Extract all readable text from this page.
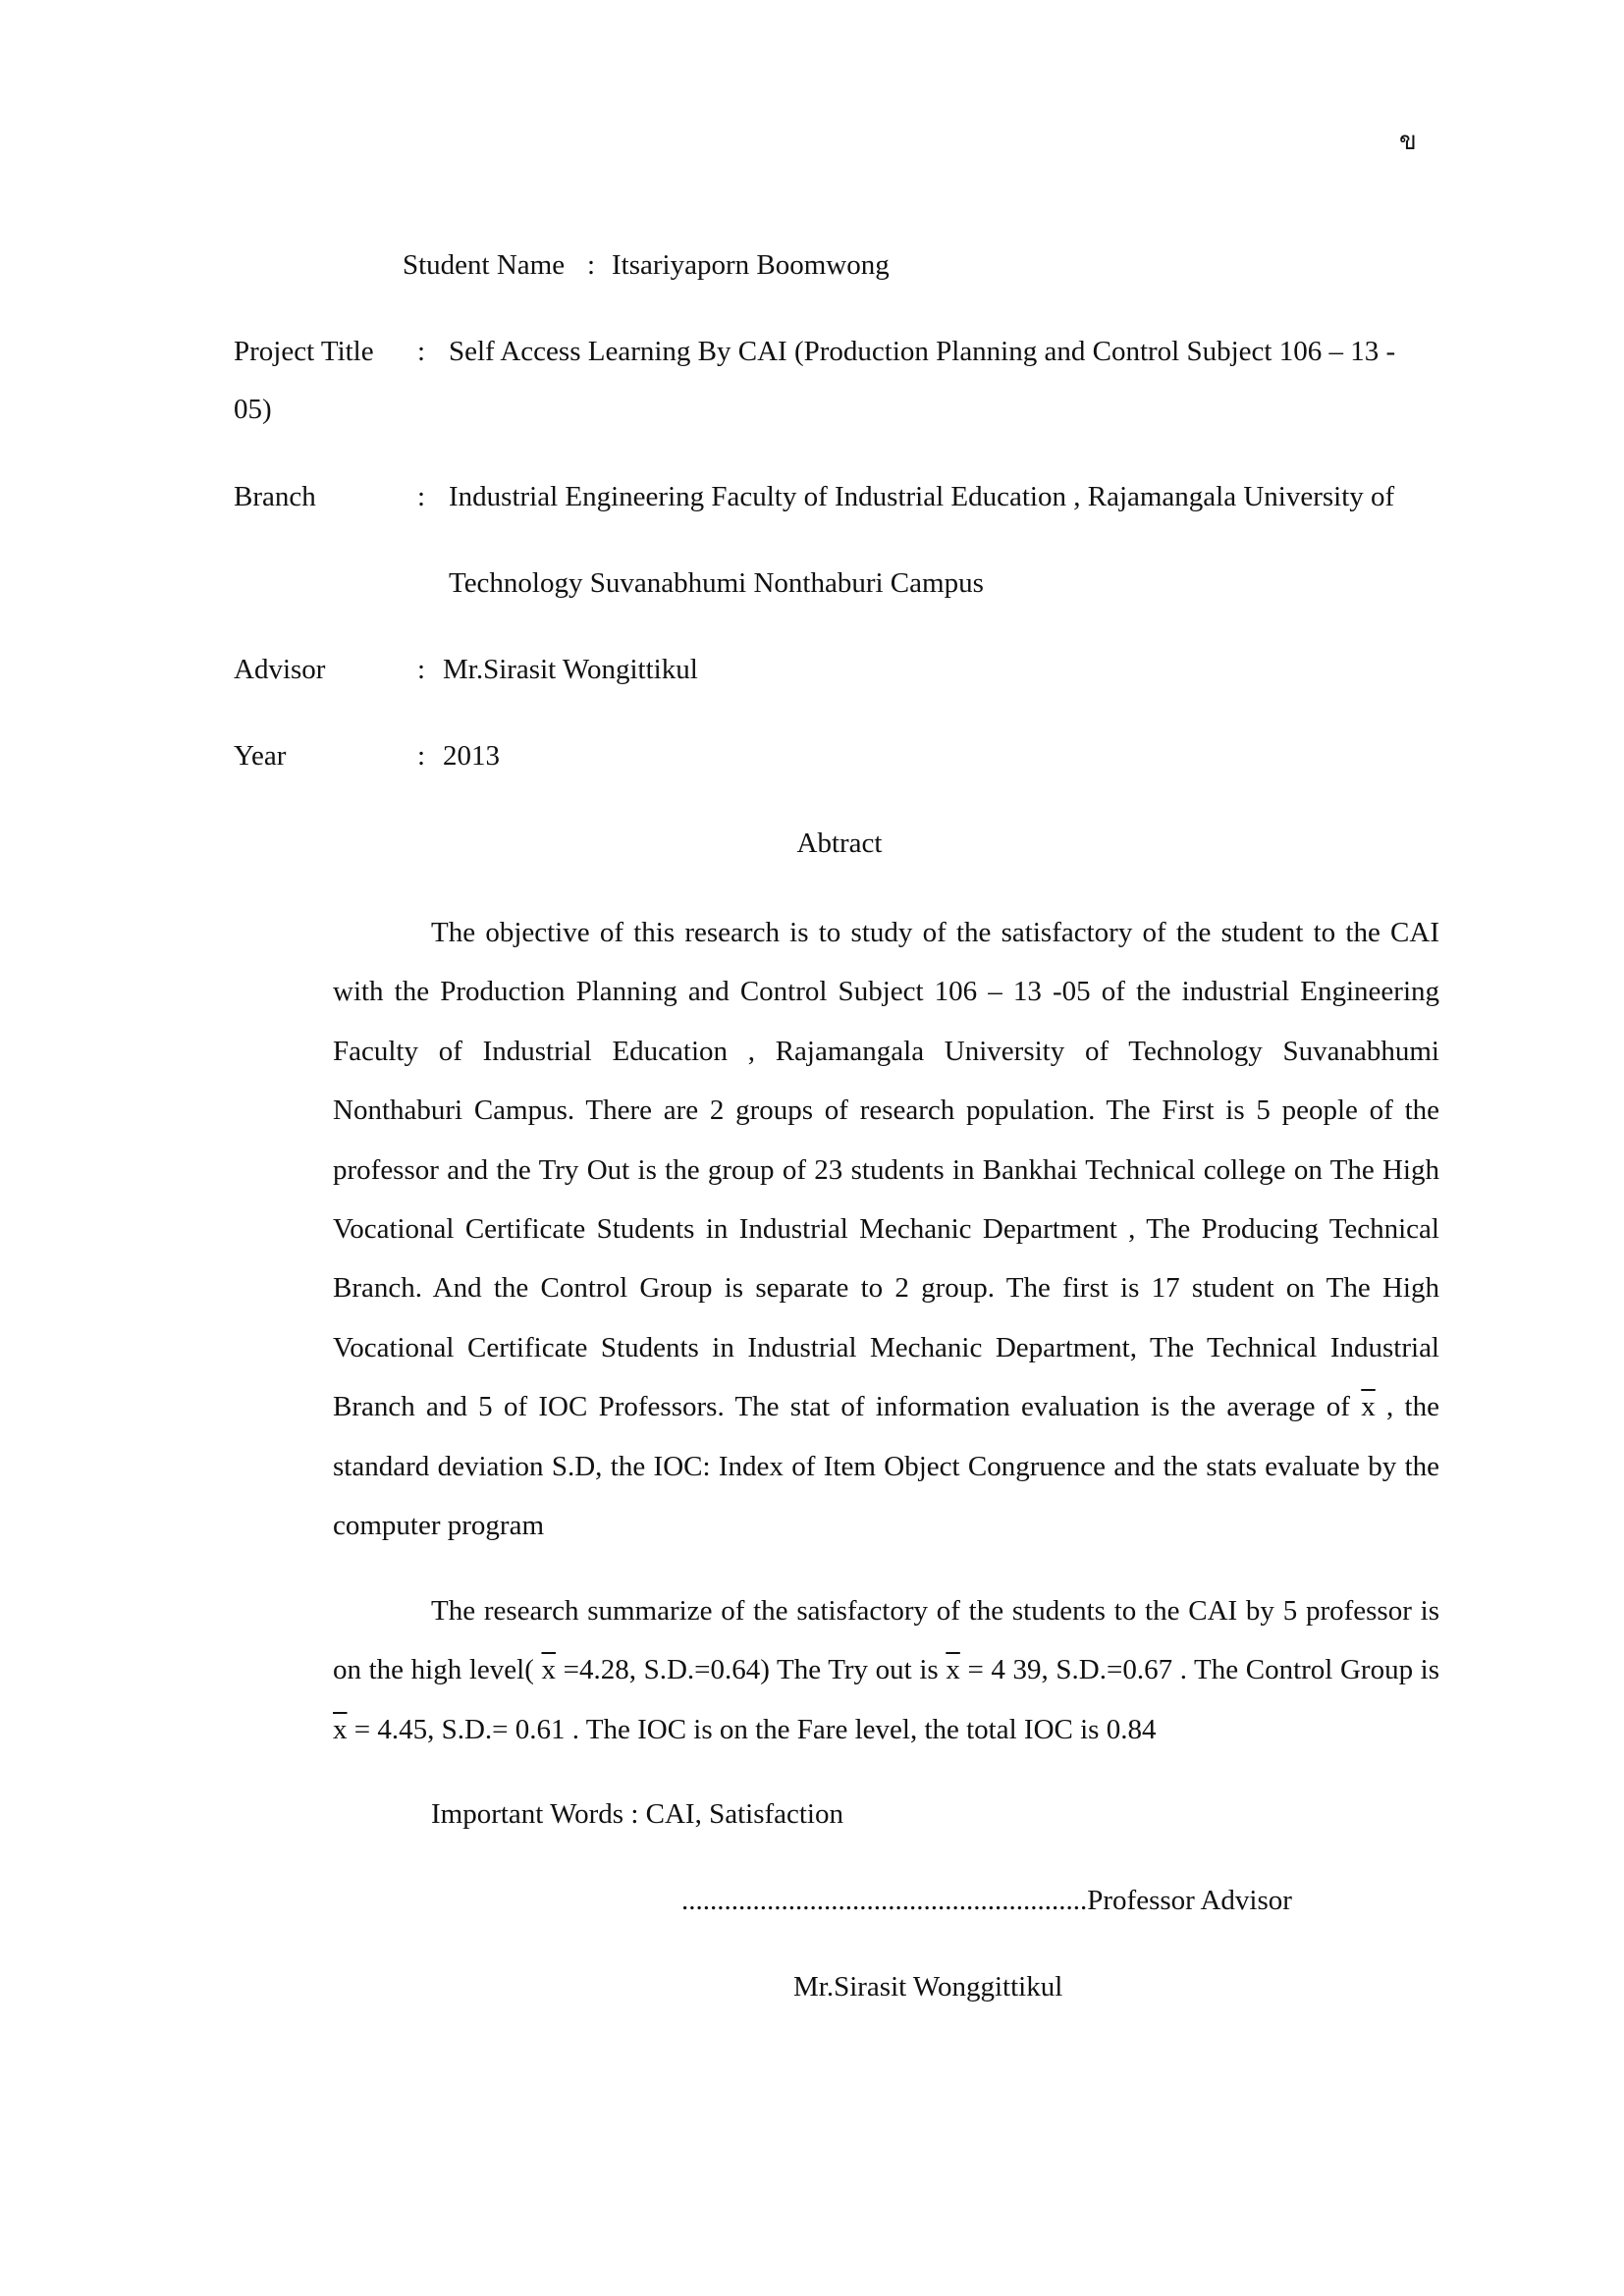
ข
Student Name : Itsariyaporn Boomwong
Project Title : Self Access Learning By CAI (Production Planning and Control Subject 106 – 13 -
05)
Branch	: Industrial Engineering Faculty of Industrial Education , Rajamangala University of
Technology Suvanabhumi Nonthaburi Campus
Advisor	: Mr.Sirasit Wongittikul
Year	: 2013
Abtract

The objective of this research is to study of the satisfactory of the student to the CAI with the Production Planning and Control Subject 106 – 13 -05 of the industrial Engineering Faculty of Industrial Education , Rajamangala University of Technology Suvanabhumi Nonthaburi Campus. There are 2 groups of research population. The First is 5 people of the professor and the Try Out is the group of 23 students in Bankhai Technical college on The High Vocational Certificate Students in Industrial Mechanic Department , The Producing Technical Branch. And the Control Group is separate to 2 group. The first is 17 student on The High Vocational Certificate Students in Industrial Mechanic Department, The Technical Industrial Branch and 5 of IOC Professors. The stat of information evaluation is the average of $\overline{x}$ , the standard deviation S.D, the IOC: Index of Item Object Congruence and the stats evaluate by the computer program

The research summarize of the satisfactory of the students to the CAI by 5 professor is on the high level( $\overline{x} =4.28$, S.D.=0.64) The Try out is $\overline{x} = 4$ 39, S.D.=0.67 . The Control Group is $\overline{x} = 4.45$, S.D.= 0.61 . The IOC is on the Fare level, the total IOC is 0.84

Important Words : CAI, Satisfaction
.........................................................Professor Advisor
Mr.Sirasit Wonggittikul
